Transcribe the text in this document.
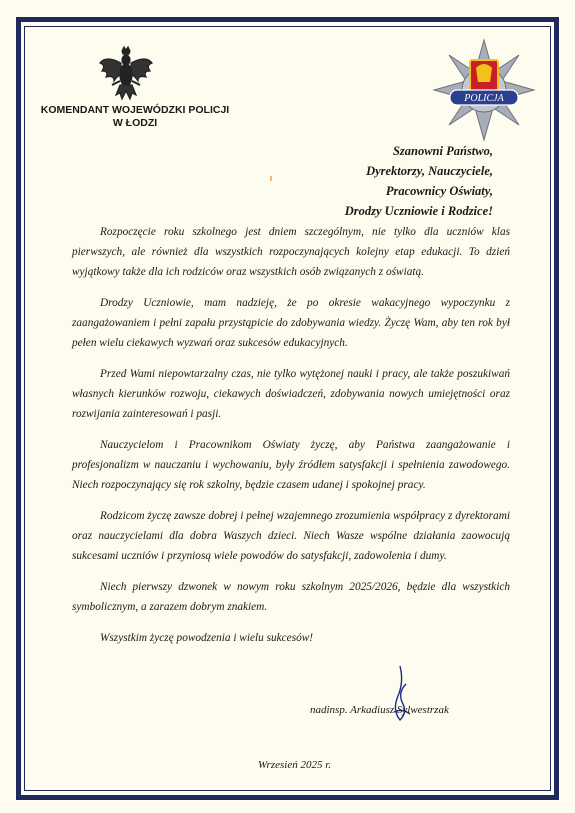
KOMENDANT WOJEWÓDZKI POLICJI
W ŁODZI
POLICJA
Szanowni Państwo,
Dyrektorzy, Nauczyciele,
Pracownicy Oświaty,
Drodzy Uczniowie i Rodzice!

Rozpoczęcie roku szkolnego jest dniem szczególnym, nie tylko dla uczniów klas pierwszych, ale również dla wszystkich rozpoczynających kolejny etap edukacji. To dzień wyjątkowy także dla ich rodziców oraz wszystkich osób związanych z oświatą.

Drodzy Uczniowie, mam nadzieję, że po okresie wakacyjnego wypoczynku z zaangażowaniem i pełni zapału przystąpicie do zdobywania wiedzy. Życzę Wam, aby ten rok był pełen wielu ciekawych wyzwań oraz sukcesów edukacyjnych.

Przed Wami niepowtarzalny czas, nie tylko wytężonej nauki i pracy, ale także poszukiwań własnych kierunków rozwoju, ciekawych doświadczeń, zdobywania nowych umiejętności oraz rozwijania zainteresowań i pasji.

Nauczycielom i Pracownikom Oświaty życzę, aby Państwa zaangażowanie i profesjonalizm w nauczaniu i wychowaniu, były źródłem satysfakcji i spełnienia zawodowego. Niech rozpoczynający się rok szkolny, będzie czasem udanej i spokojnej pracy.

Rodzicom życzę zawsze dobrej i pełnej wzajemnego zrozumienia współpracy z dyrektorami oraz nauczycielami dla dobra Waszych dzieci. Niech Wasze wspólne działania zaowocują sukcesami uczniów i przyniosą wiele powodów do satysfakcji, zadowolenia i dumy.

Niech pierwszy dzwonek w nowym roku szkolnym 2025/2026, będzie dla wszystkich symbolicznym, a zarazem dobrym znakiem.

Wszystkim życzę powodzenia i wielu sukcesów!

nadinsp. Arkadiusz Sylwestrzak
Wrzesień 2025 r.
